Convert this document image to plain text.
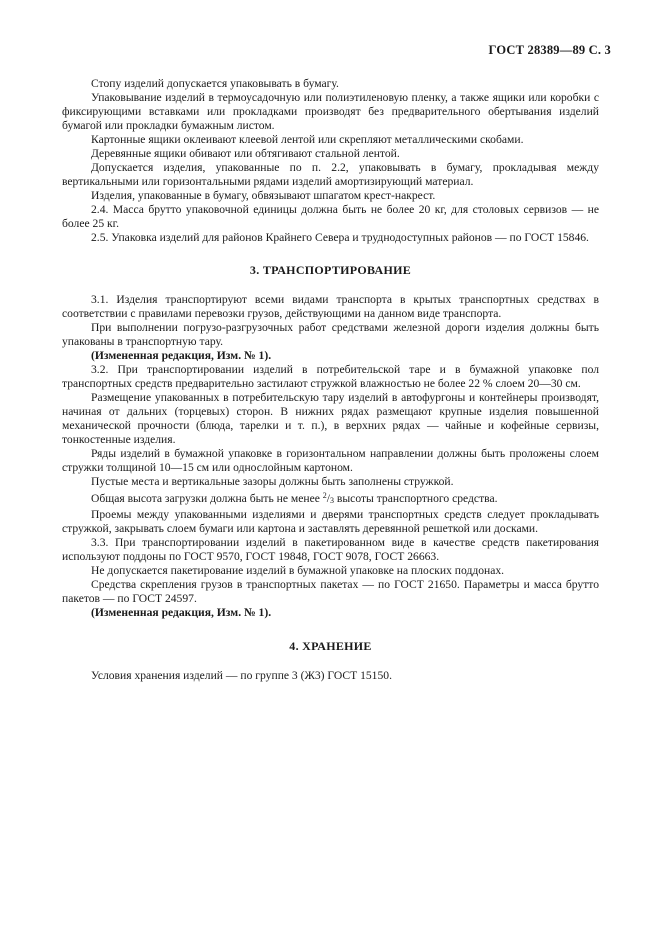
ГОСТ 28389—89 С. 3

Стопу изделий допускается упаковывать в бумагу.

Упаковывание изделий в термоусадочную или полиэтиленовую пленку, а также ящики или коробки с фиксирующими вставками или прокладками производят без предварительного обертывания изделий бумагой или прокладки бумажным листом.

Картонные ящики оклеивают клеевой лентой или скрепляют металлическими скобами.

Деревянные ящики обивают или обтягивают стальной лентой.

Допускается изделия, упакованные по п. 2.2, упаковывать в бумагу, прокладывая между вертикальными или горизонтальными рядами изделий амортизирующий материал.

Изделия, упакованные в бумагу, обвязывают шпагатом крест-накрест.

2.4. Масса брутто упаковочной единицы должна быть не более 20 кг, для столовых сервизов — не более 25 кг.

2.5. Упаковка изделий для районов Крайнего Севера и труднодоступных районов — по ГОСТ 15846.

3. ТРАНСПОРТИРОВАНИЕ

3.1. Изделия транспортируют всеми видами транспорта в крытых транспортных средствах в соответствии с правилами перевозки грузов, действующими на данном виде транспорта.

При выполнении погрузо-разгрузочных работ средствами железной дороги изделия должны быть упакованы в транспортную тару.

(Измененная редакция, Изм. № 1).

3.2. При транспортировании изделий в потребительской таре и в бумажной упаковке пол транспортных средств предварительно застилают стружкой влажностью не более 22 % слоем 20—30 см.

Размещение упакованных в потребительскую тару изделий в автофургоны и контейнеры производят, начиная от дальних (торцевых) сторон. В нижних рядах размещают крупные изделия повышенной механической прочности (блюда, тарелки и т. п.), в верхних рядах — чайные и кофейные сервизы, тонкостенные изделия.

Ряды изделий в бумажной упаковке в горизонтальном направлении должны быть проложены слоем стружки толщиной 10—15 см или однослойным картоном.

Пустые места и вертикальные зазоры должны быть заполнены стружкой.

Общая высота загрузки должна быть не менее $^2$/3 высоты транспортного средства.

Проемы между упакованными изделиями и дверями транспортных средств следует прокладывать стружкой, закрывать слоем бумаги или картона и заставлять деревянной решеткой или досками.

3.3. При транспортировании изделий в пакетированном виде в качестве средств пакетирования используют поддоны по ГОСТ 9570, ГОСТ 19848, ГОСТ 9078, ГОСТ 26663.

Не допускается пакетирование изделий в бумажной упаковке на плоских поддонах.

Средства скрепления грузов в транспортных пакетах — по ГОСТ 21650. Параметры и масса брутто пакетов — по ГОСТ 24597.

(Измененная редакция, Изм. № 1).

4. ХРАНЕНИЕ

Условия хранения изделий — по группе 3 (Ж3) ГОСТ 15150.
